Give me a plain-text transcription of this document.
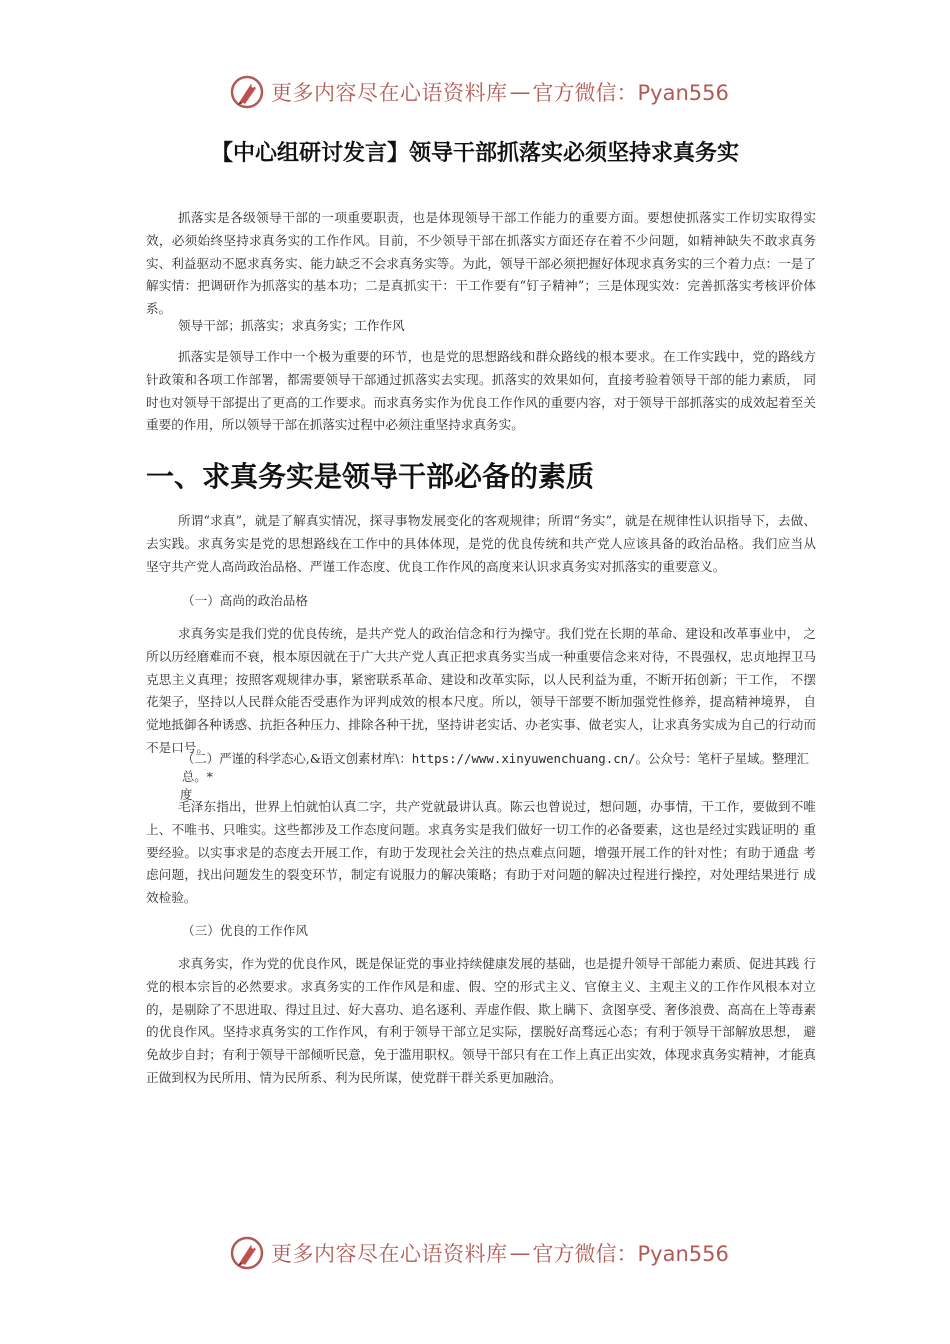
更多内容尽在心语资料库 — 官方微信：Pyan556
【中心组研讨发言】领导干部抓落实必须坚持求真务实

抓落实是各级领导干部的一项重要职责，也是体现领导干部工作能力的重要方面。要想使抓落实工作切实取得实 效，必须始终坚持求真务实的工作作风。目前，不少领导干部在抓落实方面还存在着不少问题，如精神缺失不敢求真务 实、利益驱动不愿求真务实、能力缺乏不会求真务实等。为此，领导干部必须把握好体现求真务实的三个着力点：一是了解实情：把调研作为抓落实的基本功；二是真抓实干：干工作要有“钉子精神”；三是体现实效：完善抓落实考核评价体系。

领导干部；抓落实；求真务实；工作作风

抓落实是领导工作中一个极为重要的环节，也是党的思想路线和群众路线的根本要求。在工作实践中，党的路线方针政策和各项工作部署，都需要领导干部通过抓落实去实现。抓落实的效果如何，直接考验着领导干部的能力素质， 同时也对领导干部提出了更高的工作要求。而求真务实作为优良工作作风的重要内容，对于领导干部抓落实的成效起着至关重要的作用，所以领导干部在抓落实过程中必须注重坚持求真务实。

一、求真务实是领导干部必备的素质

所谓“求真”，就是了解真实情况，探寻事物发展变化的客观规律；所谓“务实”，就是在规律性认识指导下，去做、去实践。求真务实是党的思想路线在工作中的具体体现，是党的优良传统和共产党人应该具备的政治品格。我们应当从 坚守共产党人高尚政治品格、严谨工作态度、优良工作作风的高度来认识求真务实对抓落实的重要意义。

（一）高尚的政治品格

求真务实是我们党的优良传统，是共产党人的政治信念和行为操守。我们党在长期的革命、建设和改革事业中， 之所以历经磨难而不衰，根本原因就在于广大共产党人真正把求真务实当成一种重要信念来对待，不畏强权，忠贞地捍卫马克思主义真理；按照客观规律办事，紧密联系革命、建设和改革实际，以人民利益为重，不断开拓创新；干工作， 不摆花架子，坚持以人民群众能否受惠作为评判成效的根本尺度。所以，领导干部要不断加强党性修养，提高精神境界， 自觉地抵御各种诱惑、抗拒各种压力、排除各种干扰，坚持讲老实话、办老实事、做老实人，让求真务实成为自己的行动而不是口号。

（二）严谨的科学态心,&语文创素材库\：https://www.xinyuwenchuang.cn/。公众号：笔杆子星域。整理汇总。*

度

毛泽东指出，世界上怕就怕认真二字，共产党就最讲认真。陈云也曾说过，想问题，办事情，干工作，要做到不唯上、不唯书、只唯实。这些都涉及工作态度问题。求真务实是我们做好一切工作的必备要素，这也是经过实践证明的 重要经验。以实事求是的态度去开展工作，有助于发现社会关注的热点难点问题，增强开展工作的针对性；有助于通盘 考虑问题，找出问题发生的裂变环节，制定有说服力的解决策略；有助于对问题的解决过程进行操控，对处理结果进行 成效检验。

（三）优良的工作作风

求真务实，作为党的优良作风，既是保证党的事业持续健康发展的基础，也是提升领导干部能力素质、促进其践 行党的根本宗旨的必然要求。求真务实的工作作风是和虚、假、空的形式主义、官僚主义、主观主义的工作作风根本对立的，是剔除了不思进取、得过且过、好大喜功、追名逐利、弄虚作假、欺上瞒下、贪图享受、奢侈浪费、高高在上等毒素的优良作风。坚持求真务实的工作作风，有利于领导干部立足实际，摆脱好高骛远心态；有利于领导干部解放思想， 避免故步自封；有利于领导干部倾听民意，免于滥用职权。领导干部只有在工作上真正出实效，体现求真务实精神，才能真正做到权为民所用、情为民所系、利为民所谋，使党群干群关系更加融洽。

更多内容尽在心语资料库 — 官方微信：Pyan556
